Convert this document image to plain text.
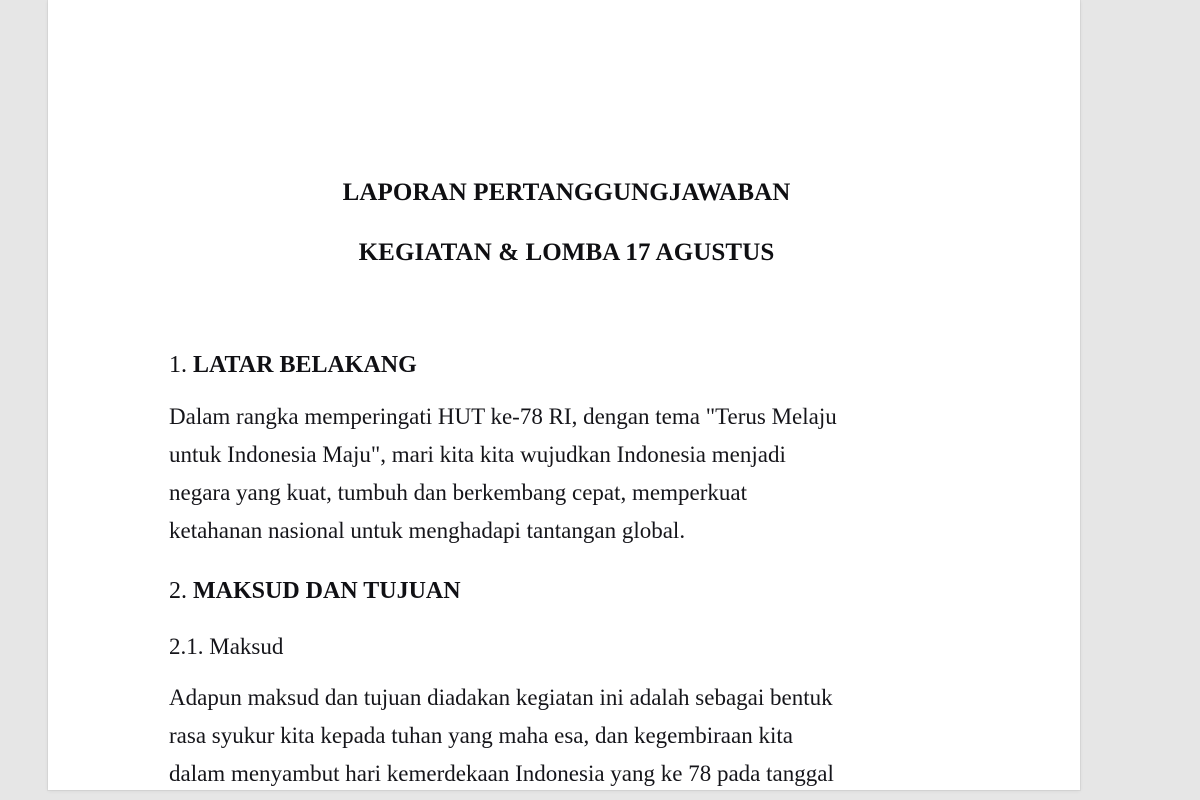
LAPORAN PERTANGGUNGJAWABAN
KEGIATAN & LOMBA 17 AGUSTUS
1. LATAR BELAKANG
Dalam rangka memperingati HUT ke-78 RI, dengan tema "Terus Melaju
untuk Indonesia Maju", mari kita kita wujudkan Indonesia menjadi
negara yang kuat, tumbuh dan berkembang cepat, memperkuat
ketahanan nasional untuk menghadapi tantangan global.
2. MAKSUD DAN TUJUAN
2.1. Maksud
Adapun maksud dan tujuan diadakan kegiatan ini adalah sebagai bentuk
rasa syukur kita kepada tuhan yang maha esa, dan kegembiraan kita
dalam menyambut hari kemerdekaan Indonesia yang ke 78 pada tanggal
